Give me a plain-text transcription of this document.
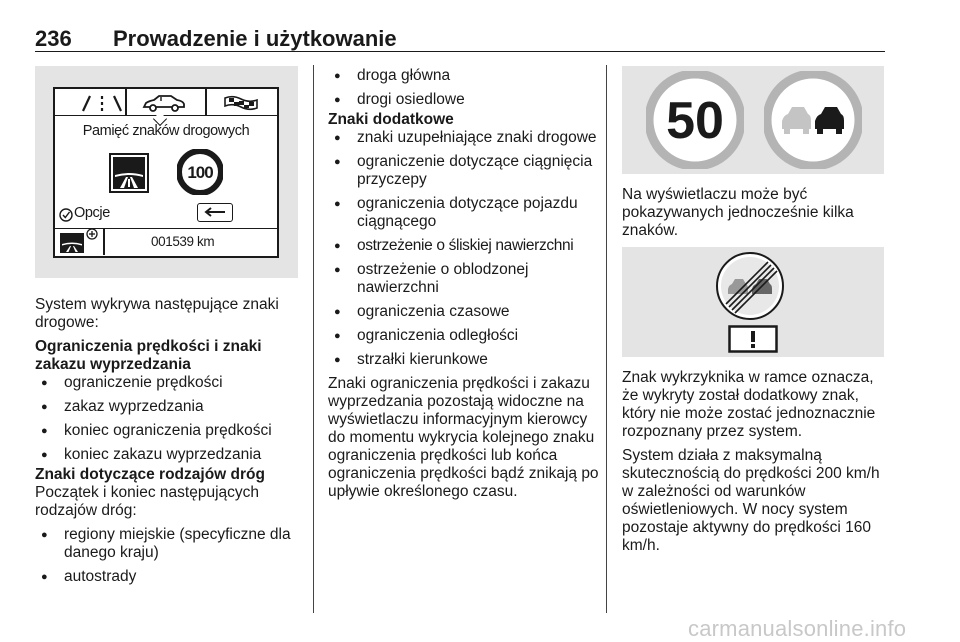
236 Prowadzenie i użytkowanie
Pamięć znaków drogowych
100
Opcje
001539 km

System wykrywa następujące znaki drogowe:

Ograniczenia prędkości i znaki zakazu wyprzedzania

● ograniczenie prędkości
● zakaz wyprzedzania
● koniec ograniczenia prędkości
● koniec zakazu wyprzedzania

Znaki dotyczące rodzajów dróg

Początek i koniec następujących rodzajów dróg:

● regiony miejskie (specyficzne dla danego kraju)
● autostrady
● droga główna
● drogi osiedlowe

Znaki dodatkowe

● znaki uzupełniające znaki drogowe
● ograniczenie dotyczące ciągnięcia przyczepy
● ograniczenia dotyczące pojazdu ciągnącego
● ostrzeżenie o śliskiej nawierzchni
● ostrzeżenie o oblodzonej nawierzchni
● ograniczenia czasowe
● ograniczenia odległości
● strzałki kierunkowe

Znaki ograniczenia prędkości i zakazu wyprzedzania pozostają widoczne na wyświetlaczu informacyjnym kierowcy do momentu wykrycia kolejnego znaku ograniczenia prędkości lub końca ograniczenia prędkości bądź znikają po upływie określonego czasu.

50

Na wyświetlaczu może być pokazywanych jednocześnie kilka znaków.

Znak wykrzyknika w ramce oznacza, że wykryty został dodatkowy znak, który nie może zostać jednoznacznie rozpoznany przez system.

System działa z maksymalną skutecznością do prędkości 200 km/h w zależności od warunków oświetleniowych. W nocy system pozostaje aktywny do prędkości 160 km/h.

carmanualsonline.info
